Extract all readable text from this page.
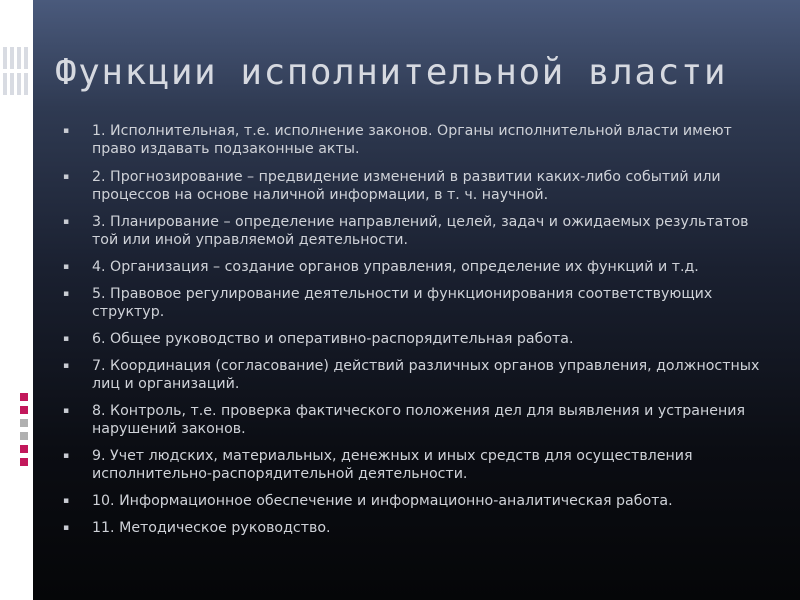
Функции исполнительной власти
▪ 1. Исполнительная, т.е. исполнение законов. Органы исполнительной власти имеют право издавать подзаконные акты.
▪ 2. Прогнозирование – предвидение изменений в развитии каких-либо событий или процессов на основе наличной информации, в т. ч. научной.
▪ 3. Планирование – определение направлений, целей, задач и ожидаемых результатов той или иной управляемой деятельности.
▪ 4. Организация – создание органов управления, определение их функций и т.д.
▪ 5. Правовое регулирование деятельности и функционирования соответствующих структур.
▪ 6. Общее руководство и оперативно-распорядительная работа.
▪ 7. Координация (согласование) действий различных органов управления, должностных лиц и организаций.
▪ 8. Контроль, т.е. проверка фактического положения дел для выявления и устранения нарушений законов.
▪ 9. Учет людских, материальных, денежных и иных средств для осуществления исполнительно-распорядительной деятельности.
▪ 10. Информационное обеспечение и информационно-аналитическая работа.
▪ 11. Методическое руководство.
